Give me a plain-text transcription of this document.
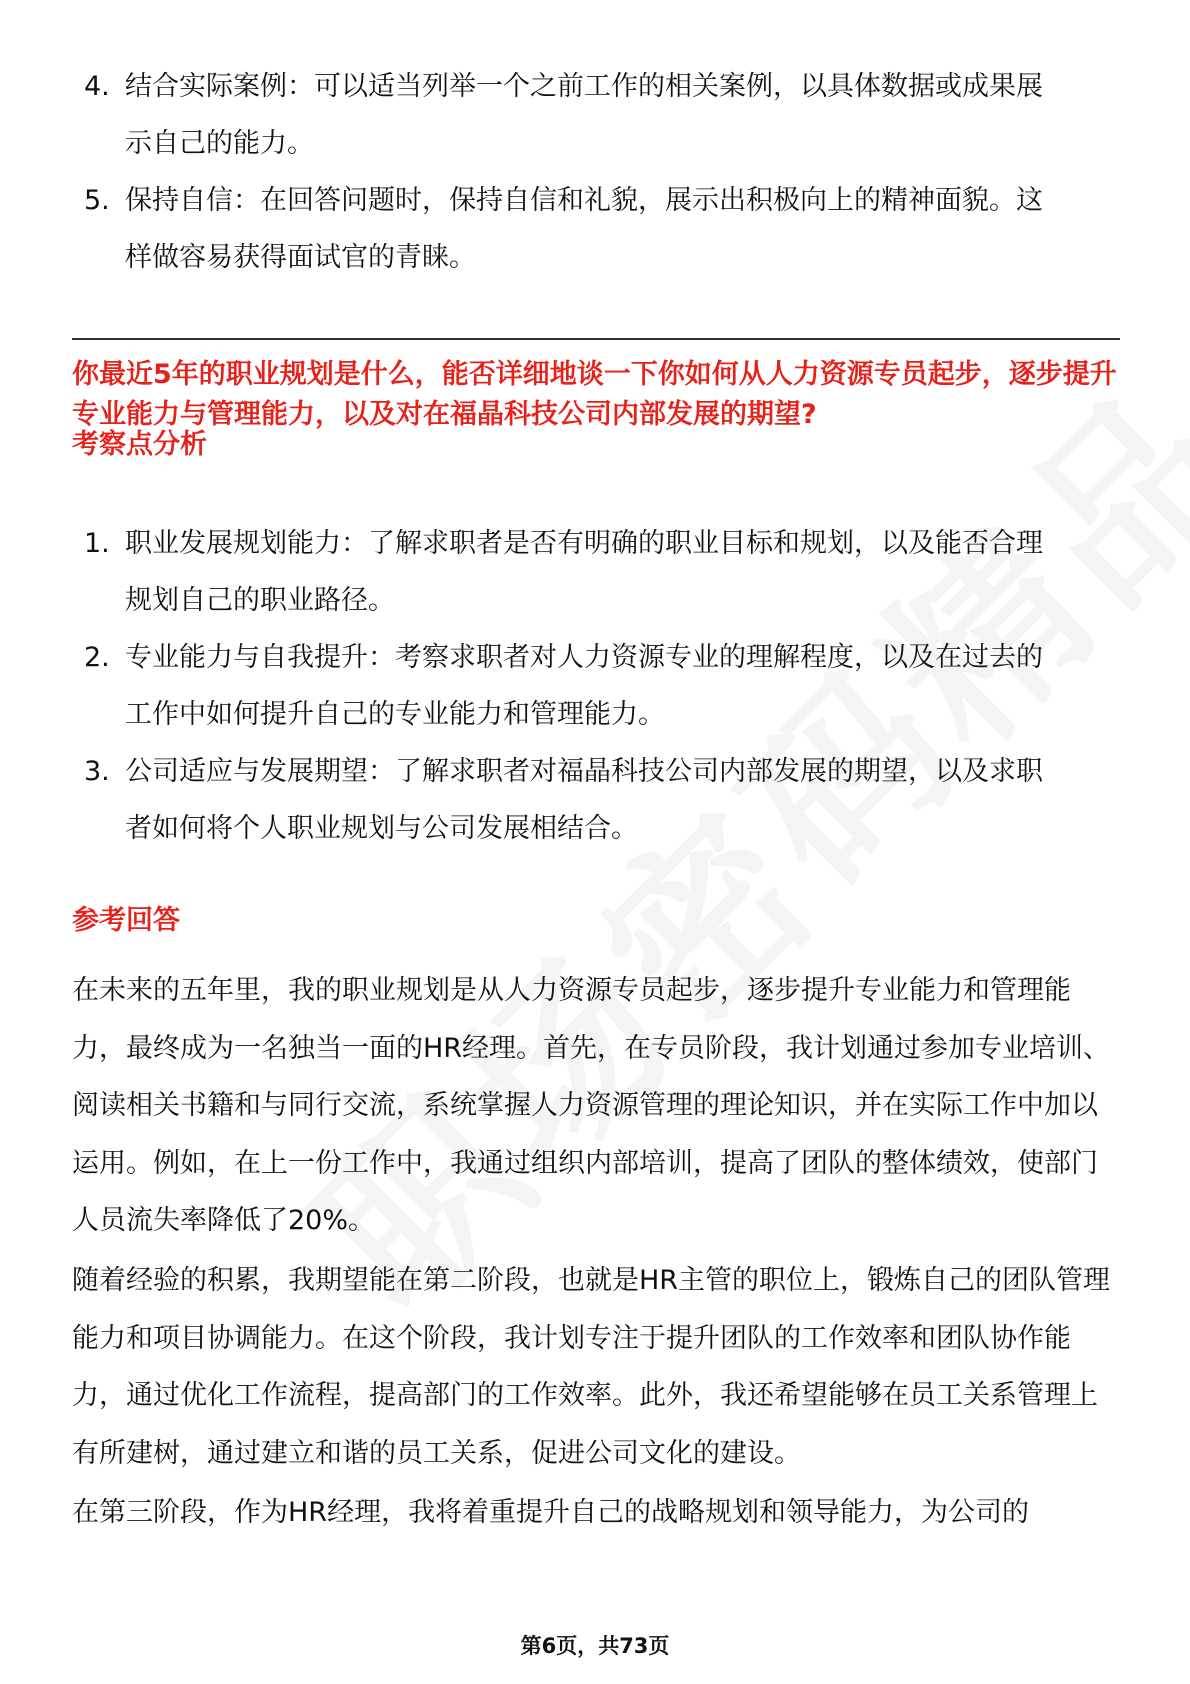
4. 结合实际案例：可以适当列举一个之前工作的相关案例，以具体数据或成果展示自己的能力。
5. 保持自信：在回答问题时，保持自信和礼貌，展示出积极向上的精神面貌。这样做容易获得面试官的青睐。
你最近5年的职业规划是什么，能否详细地谈一下你如何从人力资源专员起步，逐步提升专业能力与管理能力，以及对在福晶科技公司内部发展的期望?
考察点分析
1. 职业发展规划能力：了解求职者是否有明确的职业目标和规划，以及能否合理规划自己的职业路径。
2. 专业能力与自我提升：考察求职者对人力资源专业的理解程度，以及在过去的工作中如何提升自己的专业能力和管理能力。
3. 公司适应与发展期望：了解求职者对福晶科技公司内部发展的期望，以及求职者如何将个人职业规划与公司发展相结合。
参考回答

在未来的五年里，我的职业规划是从人力资源专员起步，逐步提升专业能力和管理能力，最终成为一名独当一面的HR经理。首先，在专员阶段，我计划通过参加专业培训、阅读相关书籍和与同行交流，系统掌握人力资源管理的理论知识，并在实际工作中加以运用。例如，在上一份工作中，我通过组织内部培训，提高了团队的整体绩效，使部门人员流失率降低了20%。

随着经验的积累，我期望能在第二阶段，也就是HR主管的职位上，锻炼自己的团队管理能力和项目协调能力。在这个阶段，我计划专注于提升团队的工作效率和团队协作能力，通过优化工作流程，提高部门的工作效率。此外，我还希望能够在员工关系管理上有所建树，通过建立和谐的员工关系，促进公司文化的建设。

在第三阶段，作为HR经理，我将着重提升自己的战略规划和领导能力，为公司的

第6页，共73页
